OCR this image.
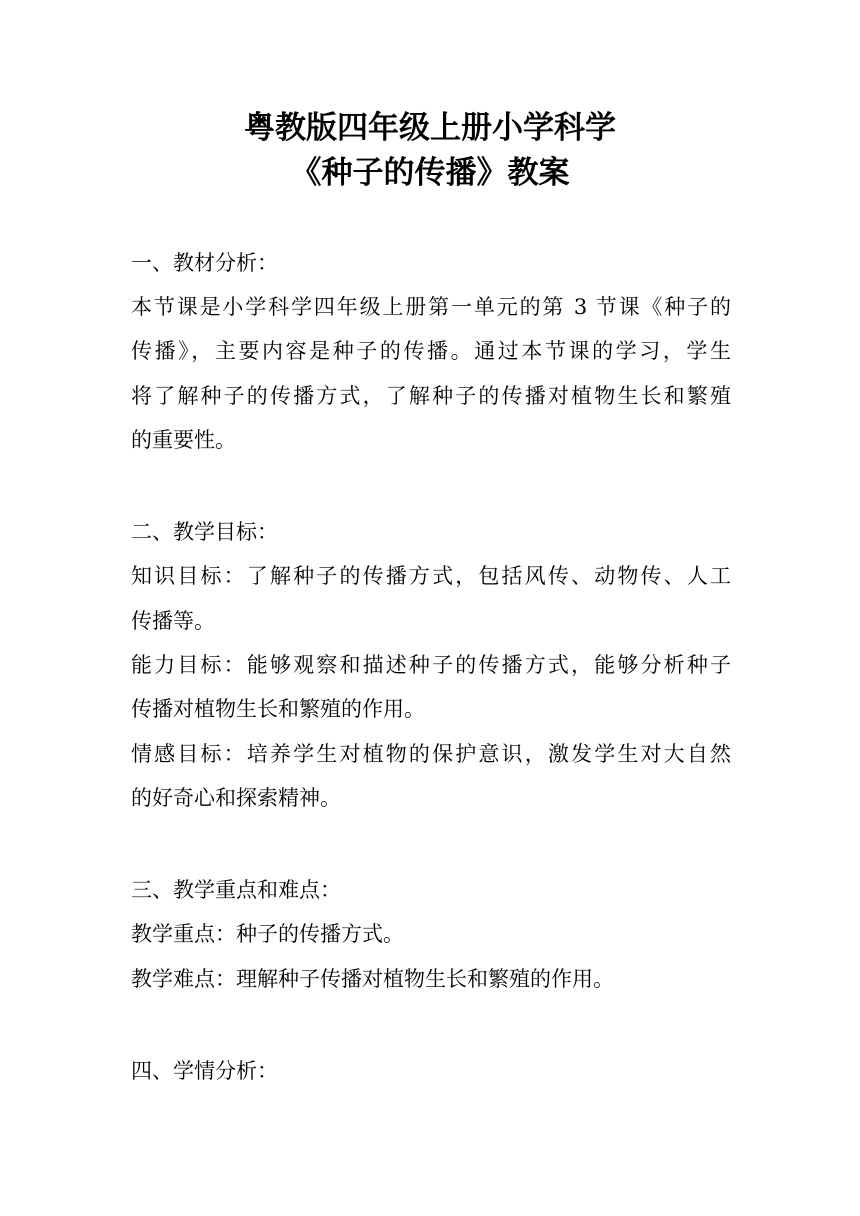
粤教版四年级上册小学科学
《种子的传播》教案

一、教材分析：

本节课是小学科学四年级上册第一单元的第 3 节课《种子的

传播》，主要内容是种子的传播。通过本节课的学习，学生

将了解种子的传播方式，了解种子的传播对植物生长和繁殖

的重要性。

二、教学目标：

知识目标：了解种子的传播方式，包括风传、动物传、人工

传播等。

能力目标：能够观察和描述种子的传播方式，能够分析种子

传播对植物生长和繁殖的作用。

情感目标：培养学生对植物的保护意识，激发学生对大自然

的好奇心和探索精神。

三、教学重点和难点：

教学重点：种子的传播方式。

教学难点：理解种子传播对植物生长和繁殖的作用。

四、学情分析：
